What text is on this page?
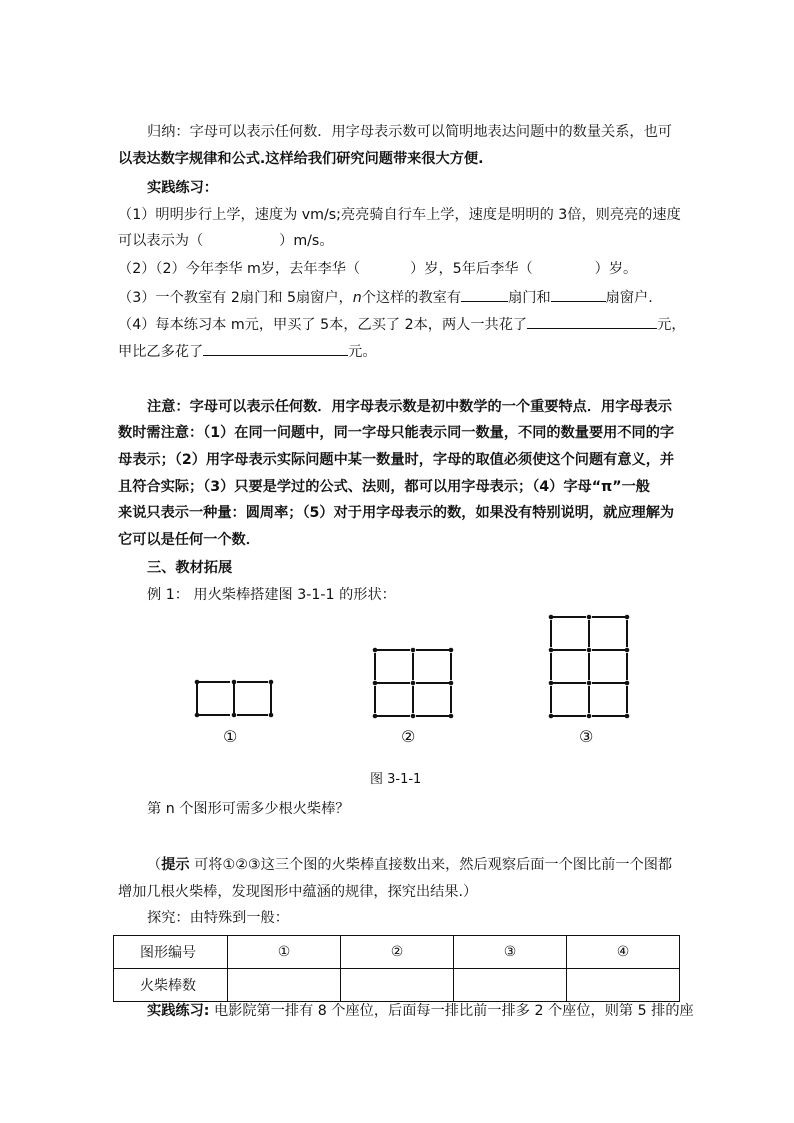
归纳：字母可以表示任何数．用字母表示数可以简明地表达问题中的数量关系，也可
以表达数字规律和公式.这样给我们研究问题带来很大方便.
实践练习：
（1）明明步行上学，速度为 vm/s;亮亮骑自行车上学，速度是明明的 3倍，则亮亮的速度
可以表示为（	）m/s。
（2）（2）今年李华 m岁，去年李华（	）岁，5年后李华（	）岁。
（3）一个教室有 2扇门和 5扇窗户，n个这样的教室有	扇门和	扇窗户.
（4）每本练习本 m元，甲买了 5本，乙买了 2本，两人一共花了	元，
甲比乙多花了	元。
注意：字母可以表示任何数．用字母表示数是初中数学的一个重要特点．用字母表示
数时需注意：（1）在同一问题中，同一字母只能表示同一数量，不同的数量要用不同的字
母表示；（2）用字母表示实际问题中某一数量时，字母的取值必须使这个问题有意义，并
且符合实际；（3）只要是学过的公式、法则，都可以用字母表示；（4）字母“π”一般
来说只表示一种量：圆周率；（5）对于用字母表示的数，如果没有特别说明，就应理解为
它可以是任何一个数．
三、教材拓展
例 1： 用火柴棒搭建图 3-1-1 的形状：
①	②	③
图 3-1-1
第 n 个图形可需多少根火柴棒？
（提示 可将①②③这三个图的火柴棒直接数出来，然后观察后面一个图比前一个图都
增加几根火柴棒，发现图形中蕴涵的规律，探究出结果.）
探究：由特殊到一般：
图形编号	①	②	③	④
火柴棒数				
实践练习: 电影院第一排有 8 个座位，后面每一排比前一排多 2 个座位，则第 5 排的座
